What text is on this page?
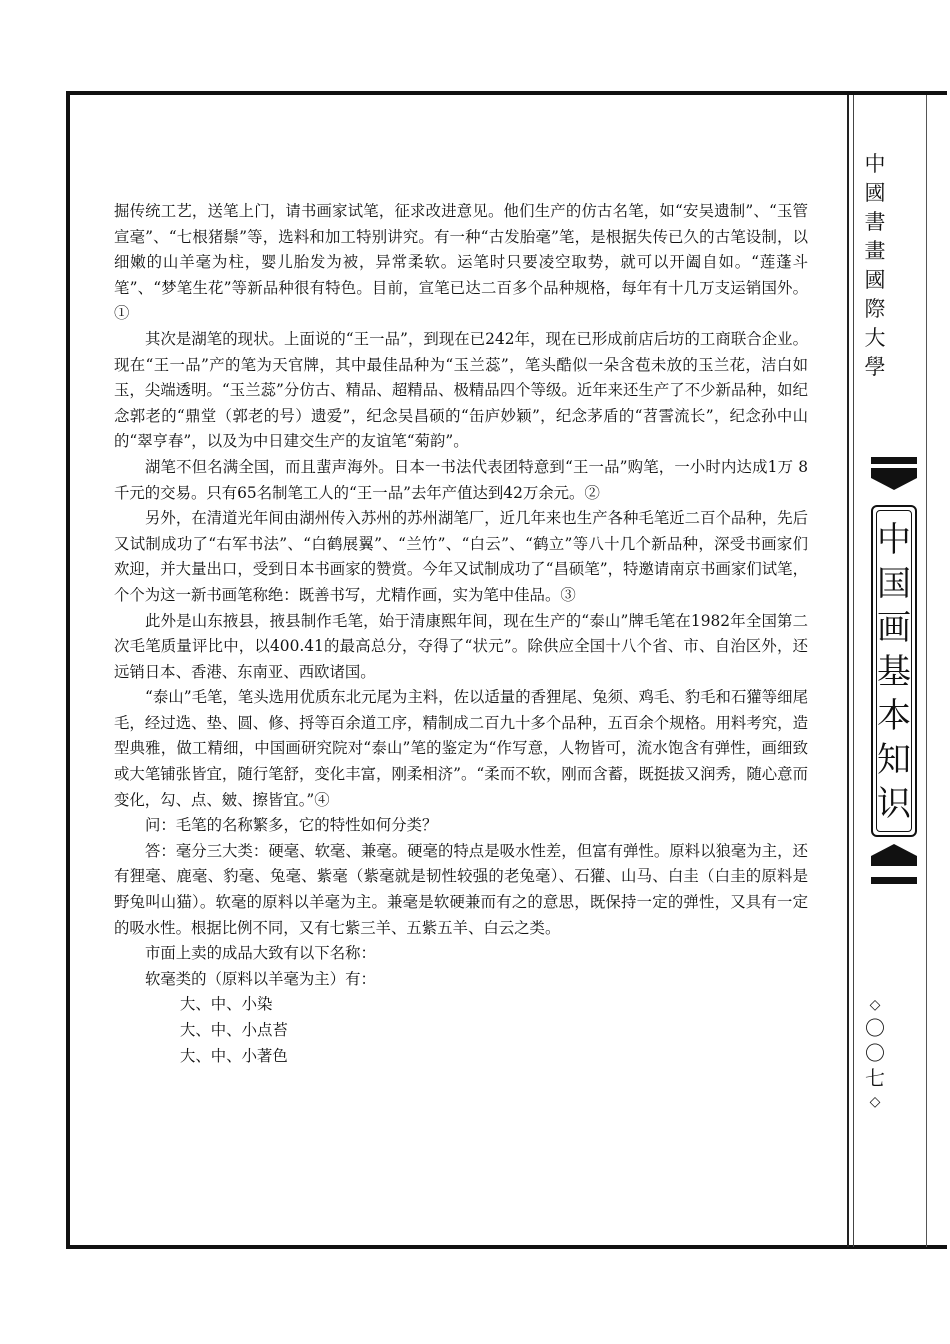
中
國
書
畫
國
際
大
學
中
国
画
基
本
知
识
◇
〇
〇
七
◇

掘传统工艺，送笔上门，请书画家试笔，征求改进意见。他们生产的仿古名笔，如“安吴遗制”、“玉管宣毫”、“七根猪鬃”等，选料和加工特别讲究。有一种“古发胎毫”笔，是根据失传已久的古笔设制，以细嫩的山羊毫为柱，婴儿胎发为被，异常柔软。运笔时只要凌空取势，就可以开阖自如。“莲蓬斗笔”、“梦笔生花”等新品种很有特色。目前，宣笔已达二百多个品种规格，每年有十几万支运销国外。①

其次是湖笔的现状。上面说的“王一品”，到现在已242年，现在已形成前店后坊的工商联合企业。现在“王一品”产的笔为天官牌，其中最佳品种为“玉兰蕊”，笔头酷似一朵含苞未放的玉兰花，洁白如玉，尖端透明。“玉兰蕊”分仿古、精品、超精品、极精品四个等级。近年来还生产了不少新品种，如纪念郭老的“鼎堂（郭老的号）遗爱”，纪念吴昌硕的“缶庐妙颖”，纪念茅盾的“苕霅流长”，纪念孙中山的“翠亨春”，以及为中日建交生产的友谊笔“菊韵”。

湖笔不但名满全国，而且蜚声海外。日本一书法代表团特意到“王一品”购笔，一小时内达成1万 8千元的交易。只有65名制笔工人的“王一品”去年产值达到42万余元。②

另外，在清道光年间由湖州传入苏州的苏州湖笔厂，近几年来也生产各种毛笔近二百个品种，先后又试制成功了“右军书法”、“白鹤展翼”、“兰竹”、“白云”、“鹤立”等八十几个新品种，深受书画家们欢迎，并大量出口，受到日本书画家的赞赏。今年又试制成功了“昌硕笔”，特邀请南京书画家们试笔，个个为这一新书画笔称绝：既善书写，尤精作画，实为笔中佳品。③

此外是山东掖县，掖县制作毛笔，始于清康熙年间，现在生产的“泰山”牌毛笔在1982年全国第二次毛笔质量评比中，以400.41的最高总分，夺得了“状元”。除供应全国十八个省、市、自治区外，还远销日本、香港、东南亚、西欧诸国。

“泰山”毛笔，笔头选用优质东北元尾为主料，佐以适量的香狸尾、兔须、鸡毛、豹毛和石獾等细尾毛，经过选、垫、圆、修、捋等百余道工序，精制成二百九十多个品种，五百余个规格。用料考究，造型典雅，做工精细，中国画研究院对“泰山”笔的鉴定为“作写意，人物皆可，流水饱含有弹性，画细致或大笔铺张皆宜，随行笔舒，变化丰富，刚柔相济”。“柔而不软，刚而含蓄，既挺拔又润秀，随心意而变化，勾、点、皴、擦皆宜。”④

问：毛笔的名称繁多，它的特性如何分类？

答：毫分三大类：硬毫、软毫、兼毫。硬毫的特点是吸水性差，但富有弹性。原料以狼毫为主，还有狸毫、鹿毫、豹毫、兔毫、紫毫（紫毫就是韧性较强的老兔毫）、石獾、山马、白圭（白圭的原料是野兔叫山猫）。软毫的原料以羊毫为主。兼毫是软硬兼而有之的意思，既保持一定的弹性，又具有一定的吸水性。根据比例不同，又有七紫三羊、五紫五羊、白云之类。

市面上卖的成品大致有以下名称：

软毫类的（原料以羊毫为主）有：

大、中、小染

大、中、小点苔

大、中、小著色
